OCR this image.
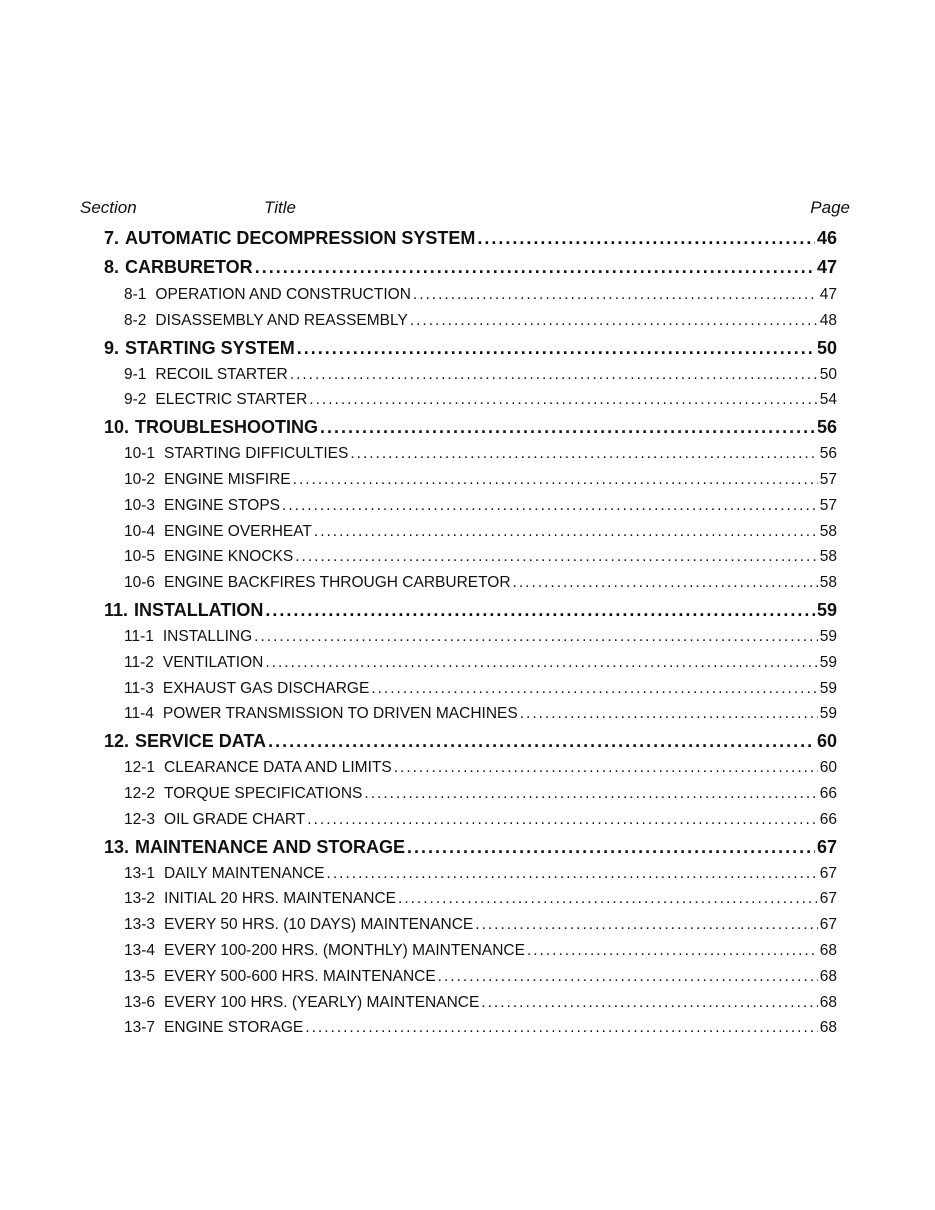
Section	Title	Page
7. AUTOMATIC DECOMPRESSION SYSTEM .....	46
8. CARBURETOR .....	47
8-1 OPERATION AND CONSTRUCTION .....	47
8-2 DISASSEMBLY AND REASSEMBLY .....	48
9. STARTING SYSTEM .....	50
9-1 RECOIL STARTER .....	50
9-2 ELECTRIC STARTER .....	54
10. TROUBLESHOOTING .....	56
10-1 STARTING DIFFICULTIES .....	56
10-2 ENGINE MISFIRE .....	57
10-3 ENGINE STOPS .....	57
10-4 ENGINE OVERHEAT .....	58
10-5 ENGINE KNOCKS .....	58
10-6 ENGINE BACKFIRES THROUGH CARBURETOR .....	58
11. INSTALLATION .....	59
11-1 INSTALLING .....	59
11-2 VENTILATION .....	59
11-3 EXHAUST GAS DISCHARGE .....	59
11-4 POWER TRANSMISSION TO DRIVEN MACHINES .....	59
12. SERVICE DATA .....	60
12-1 CLEARANCE DATA AND LIMITS .....	60
12-2 TORQUE SPECIFICATIONS .....	66
12-3 OIL GRADE CHART .....	66
13. MAINTENANCE AND STORAGE .....	67
13-1 DAILY MAINTENANCE .....	67
13-2 INITIAL 20 HRS. MAINTENANCE .....	67
13-3 EVERY 50 HRS. (10 DAYS) MAINTENANCE .....	67
13-4 EVERY 100-200 HRS. (MONTHLY) MAINTENANCE .....	68
13-5 EVERY 500-600 HRS. MAINTENANCE .....	68
13-6 EVERY 100 HRS. (YEARLY) MAINTENANCE .....	68
13-7 ENGINE STORAGE .....	68
